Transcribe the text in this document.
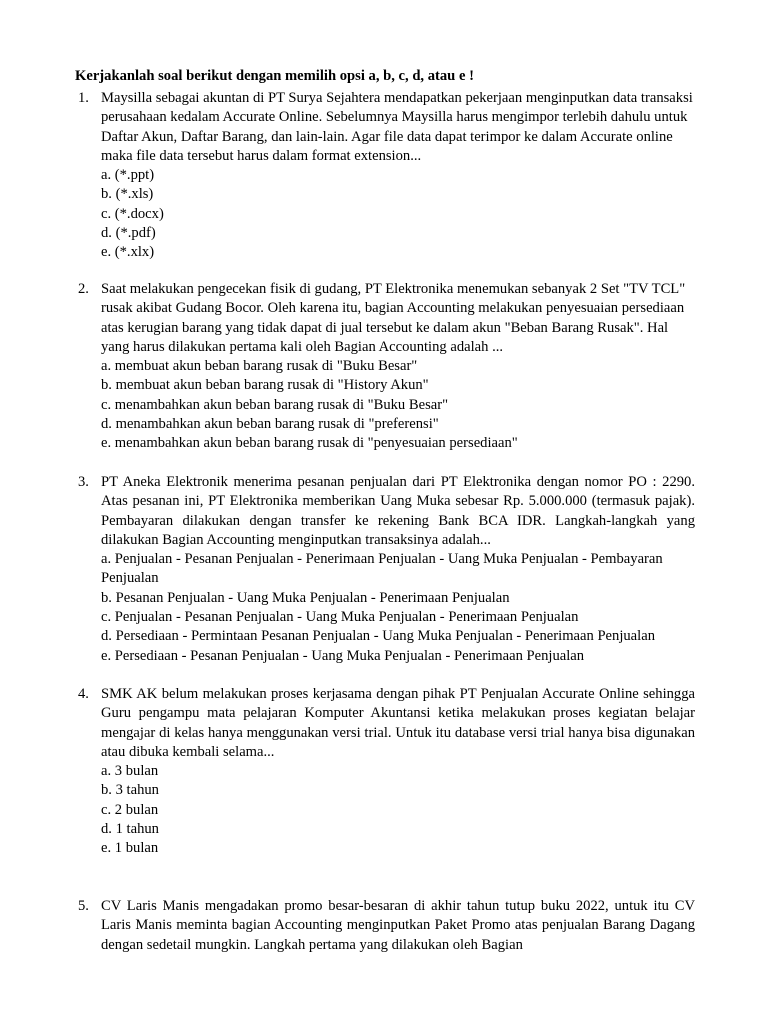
Kerjakanlah soal berikut dengan memilih opsi a, b, c, d, atau e !
1. Maysilla sebagai akuntan di PT Surya Sejahtera mendapatkan pekerjaan menginputkan data transaksi perusahaan kedalam Accurate Online. Sebelumnya Maysilla harus mengimpor terlebih dahulu untuk Daftar Akun, Daftar Barang, dan lain-lain. Agar file data dapat terimpor ke dalam Accurate online maka file data tersebut harus dalam format extension...

a. (*.ppt)
b. (*.xls)
c. (*.docx)
d. (*.pdf)
e. (*.xlx)
2. Saat melakukan pengecekan fisik di gudang, PT Elektronika menemukan sebanyak 2 Set "TV TCL" rusak akibat Gudang Bocor. Oleh karena itu, bagian Accounting melakukan penyesuaian persediaan atas kerugian barang yang tidak dapat di jual tersebut ke dalam akun "Beban Barang Rusak". Hal yang harus dilakukan pertama kali oleh Bagian Accounting adalah ...

a. membuat akun beban barang rusak di "Buku Besar"
b. membuat akun beban barang rusak di "History Akun"
c. menambahkan akun beban barang rusak di "Buku Besar"
d. menambahkan akun beban barang rusak di "preferensi"
e. menambahkan akun beban barang rusak di "penyesuaian persediaan"
3. PT Aneka Elektronik menerima pesanan penjualan dari PT Elektronika dengan nomor PO : 2290. Atas pesanan ini, PT Elektronika memberikan Uang Muka sebesar Rp. 5.000.000 (termasuk pajak). Pembayaran dilakukan dengan transfer ke rekening Bank BCA IDR. Langkah-langkah yang dilakukan Bagian Accounting menginputkan transaksinya adalah...

a. Penjualan - Pesanan Penjualan - Penerimaan Penjualan - Uang Muka Penjualan - Pembayaran Penjualan
b. Pesanan Penjualan - Uang Muka Penjualan - Penerimaan Penjualan
c. Penjualan - Pesanan Penjualan - Uang Muka Penjualan - Penerimaan Penjualan
d. Persediaan - Permintaan Pesanan Penjualan - Uang Muka Penjualan - Penerimaan Penjualan
e. Persediaan - Pesanan Penjualan - Uang Muka Penjualan - Penerimaan Penjualan
4. SMK AK belum melakukan proses kerjasama dengan pihak PT Penjualan Accurate Online sehingga Guru pengampu mata pelajaran Komputer Akuntansi ketika melakukan proses kegiatan belajar mengajar di kelas hanya menggunakan versi trial. Untuk itu database versi trial hanya bisa digunakan atau dibuka kembali selama...

a. 3 bulan
b. 3 tahun
c. 2 bulan
d. 1 tahun
e. 1 bulan
5. CV Laris Manis mengadakan promo besar-besaran di akhir tahun tutup buku 2022, untuk itu CV Laris Manis meminta bagian Accounting menginputkan Paket Promo atas penjualan Barang Dagang dengan sedetail mungkin. Langkah pertama yang dilakukan oleh Bagian
